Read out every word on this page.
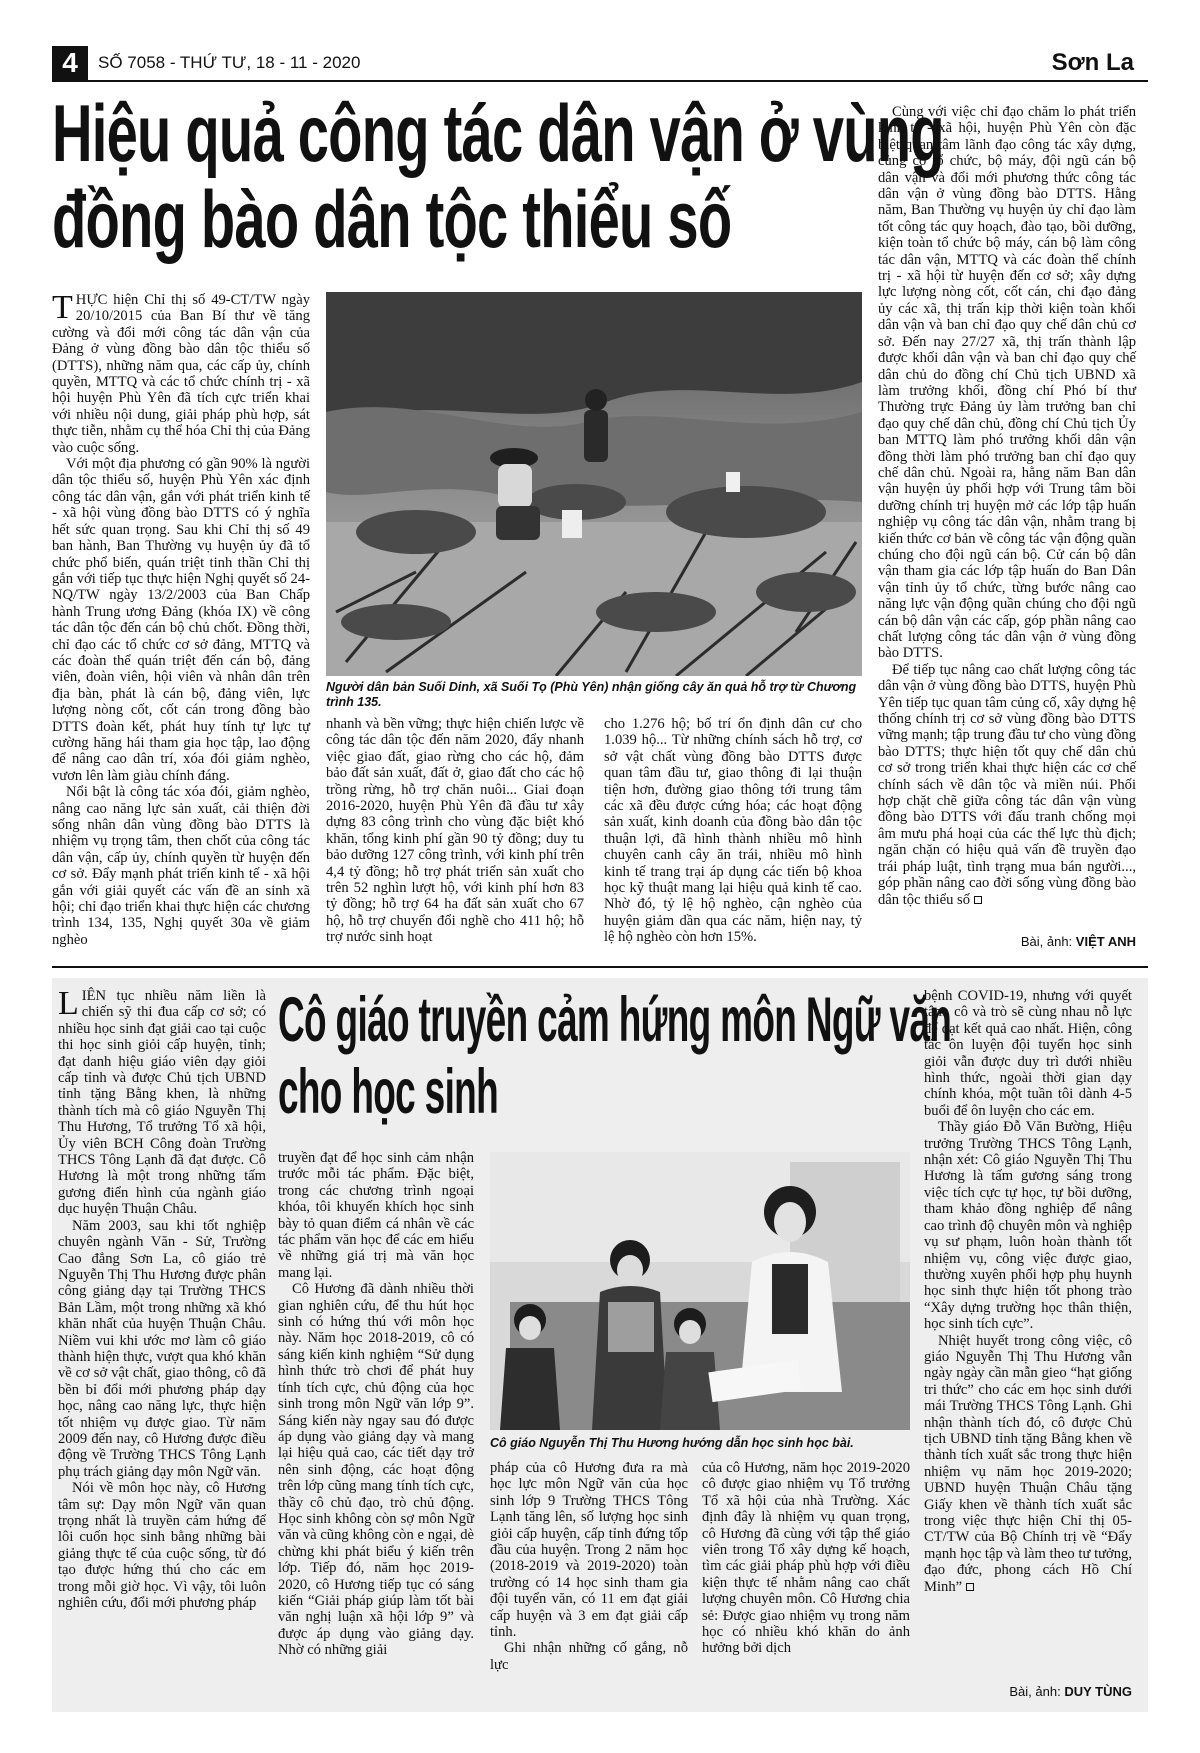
4	SỐ 7058 - THỨ TƯ, 18 - 11 - 2020	Sơn La
Hiệu quả công tác dân vận ở vùng
đồng bào dân tộc thiểu số

THỰC hiện Chỉ thị số 49-CT/TW ngày 20/10/2015 của Ban Bí thư về tăng cường và đổi mới công tác dân vận của Đảng ở vùng đồng bào dân tộc thiểu số (DTTS), những năm qua, các cấp ủy, chính quyền, MTTQ và các tổ chức chính trị - xã hội huyện Phù Yên đã tích cực triển khai với nhiều nội dung, giải pháp phù hợp, sát thực tiễn, nhằm cụ thể hóa Chỉ thị của Đảng vào cuộc sống.

Với một địa phương có gần 90% là người dân tộc thiểu số, huyện Phù Yên xác định công tác dân vận, gắn với phát triển kinh tế - xã hội vùng đồng bào DTTS có ý nghĩa hết sức quan trọng. Sau khi Chỉ thị số 49 ban hành, Ban Thường vụ huyện ủy đã tổ chức phổ biến, quán triệt tinh thần Chỉ thị gắn với tiếp tục thực hiện Nghị quyết số 24-NQ/TW ngày 13/2/2003 của Ban Chấp hành Trung ương Đảng (khóa IX) về công tác dân tộc đến cán bộ chủ chốt. Đồng thời, chỉ đạo các tổ chức cơ sở đảng, MTTQ và các đoàn thể quán triệt đến cán bộ, đảng viên, đoàn viên, hội viên và nhân dân trên địa bàn, phát là cán bộ, đảng viên, lực lượng nòng cốt, cốt cán trong đồng bào DTTS đoàn kết, phát huy tính tự lực tự cường hăng hái tham gia học tập, lao động để nâng cao dân trí, xóa đói giảm nghèo, vươn lên làm giàu chính đáng.

Nổi bật là công tác xóa đói, giảm nghèo, nâng cao năng lực sản xuất, cải thiện đời sống nhân dân vùng đồng bào DTTS là nhiệm vụ trọng tâm, then chốt của công tác dân vận, cấp ủy, chính quyền từ huyện đến cơ sở. Đẩy mạnh phát triển kinh tế - xã hội gắn với giải quyết các vấn đề an sinh xã hội; chỉ đạo triển khai thực hiện các chương trình 134, 135, Nghị quyết 30a về giảm nghèo

Người dân bản Suối Dinh, xã Suối Tọ (Phù Yên) nhận giống cây ăn quả hỗ trợ từ Chương trình 135.

nhanh và bền vững; thực hiện chiến lược về công tác dân tộc đến năm 2020, đẩy nhanh việc giao đất, giao rừng cho các hộ, đảm bảo đất sản xuất, đất ở, giao đất cho các hộ trồng rừng, hỗ trợ chăn nuôi... Giai đoạn 2016-2020, huyện Phù Yên đã đầu tư xây dựng 83 công trình cho vùng đặc biệt khó khăn, tổng kinh phí gần 90 tỷ đồng; duy tu bảo dưỡng 127 công trình, với kinh phí trên 4,4 tỷ đồng; hỗ trợ phát triển sản xuất cho trên 52 nghìn lượt hộ, với kinh phí hơn 83 tỷ đồng; hỗ trợ 64 ha đất sản xuất cho 67 hộ, hỗ trợ chuyển đổi nghề cho 411 hộ; hỗ trợ nước sinh hoạt

cho 1.276 hộ; bố trí ổn định dân cư cho 1.039 hộ... Từ những chính sách hỗ trợ, cơ sở vật chất vùng đồng bào DTTS được quan tâm đầu tư, giao thông đi lại thuận tiện hơn, đường giao thông tới trung tâm các xã đều được cứng hóa; các hoạt động sản xuất, kinh doanh của đồng bào dân tộc thuận lợi, đã hình thành nhiều mô hình chuyên canh cây ăn trái, nhiều mô hình kinh tế trang trại áp dụng các tiến bộ khoa học kỹ thuật mang lại hiệu quả kinh tế cao. Nhờ đó, tỷ lệ hộ nghèo, cận nghèo của huyện giảm dần qua các năm, hiện nay, tỷ lệ hộ nghèo còn hơn 15%.

Cùng với việc chỉ đạo chăm lo phát triển kinh tế - xã hội, huyện Phù Yên còn đặc biệt quan tâm lãnh đạo công tác xây dựng, củng cố tổ chức, bộ máy, đội ngũ cán bộ dân vận và đổi mới phương thức công tác dân vận ở vùng đồng bào DTTS. Hằng năm, Ban Thường vụ huyện ủy chỉ đạo làm tốt công tác quy hoạch, đào tạo, bồi dưỡng, kiện toàn tổ chức bộ máy, cán bộ làm công tác dân vận, MTTQ và các đoàn thể chính trị - xã hội từ huyện đến cơ sở; xây dựng lực lượng nòng cốt, cốt cán, chi đạo đảng ủy các xã, thị trấn kịp thời kiện toàn khối dân vận và ban chỉ đạo quy chế dân chủ cơ sở. Đến nay 27/27 xã, thị trấn thành lập được khối dân vận và ban chỉ đạo quy chế dân chủ do đồng chí Chủ tịch UBND xã làm trưởng khối, đồng chí Phó bí thư Thường trực Đảng ủy làm trưởng ban chỉ đạo quy chế dân chủ, đồng chí Chủ tịch Ủy ban MTTQ làm phó trưởng khối dân vận đồng thời làm phó trưởng ban chỉ đạo quy chế dân chủ. Ngoài ra, hằng năm Ban dân vận huyện ủy phối hợp với Trung tâm bồi dưỡng chính trị huyện mở các lớp tập huấn nghiệp vụ công tác dân vận, nhằm trang bị kiến thức cơ bản về công tác vận động quần chúng cho đội ngũ cán bộ. Cử cán bộ dân vận tham gia các lớp tập huấn do Ban Dân vận tỉnh ủy tổ chức, từng bước nâng cao năng lực vận động quần chúng cho đội ngũ cán bộ dân vận các cấp, góp phần nâng cao chất lượng công tác dân vận ở vùng đồng bào DTTS.

Để tiếp tục nâng cao chất lượng công tác dân vận ở vùng đồng bào DTTS, huyện Phù Yên tiếp tục quan tâm củng cố, xây dựng hệ thống chính trị cơ sở vùng đồng bào DTTS vững mạnh; tập trung đầu tư cho vùng đồng bào DTTS; thực hiện tốt quy chế dân chủ cơ sở trong triển khai thực hiện các cơ chế chính sách về dân tộc và miền núi. Phối hợp chặt chẽ giữa công tác dân vận vùng đồng bào DTTS với đấu tranh chống mọi âm mưu phá hoại của các thế lực thù địch; ngăn chặn có hiệu quả vấn đề truyền đạo trái pháp luật, tình trạng mua bán người..., góp phần nâng cao đời sống vùng đồng bào dân tộc thiểu số

Bài, ảnh: VIỆT ANH

LIÊN tục nhiều năm liền là chiến sỹ thi đua cấp cơ sở; có nhiều học sinh đạt giải cao tại cuộc thi học sinh giỏi cấp huyện, tỉnh; đạt danh hiệu giáo viên dạy giỏi cấp tỉnh và được Chủ tịch UBND tỉnh tặng Bằng khen, là những thành tích mà cô giáo Nguyễn Thị Thu Hương, Tổ trưởng Tổ xã hội, Ủy viên BCH Công đoàn Trường THCS Tông Lạnh đã đạt được. Cô Hương là một trong những tấm gương điển hình của ngành giáo dục huyện Thuận Châu.

Năm 2003, sau khi tốt nghiệp chuyên ngành Văn - Sử, Trường Cao đẳng Sơn La, cô giáo trẻ Nguyễn Thị Thu Hương được phân công giảng dạy tại Trường THCS Bản Lầm, một trong những xã khó khăn nhất của huyện Thuận Châu. Niềm vui khi ước mơ làm cô giáo thành hiện thực, vượt qua khó khăn về cơ sở vật chất, giao thông, cô đã bền bỉ đổi mới phương pháp dạy học, nâng cao năng lực, thực hiện tốt nhiệm vụ được giao. Từ năm 2009 đến nay, cô Hương được điều động về Trường THCS Tông Lạnh phụ trách giảng dạy môn Ngữ văn.

Nói về môn học này, cô Hương tâm sự: Dạy môn Ngữ văn quan trọng nhất là truyền cảm hứng để lôi cuốn học sinh bằng những bài giảng thực tế của cuộc sống, từ đó tạo được hứng thú cho các em trong mỗi giờ học. Vì vậy, tôi luôn nghiên cứu, đổi mới phương pháp

Cô giáo truyền cảm hứng môn Ngữ văn
cho học sinh

truyền đạt để học sinh cảm nhận trước mỗi tác phẩm. Đặc biệt, trong các chương trình ngoại khóa, tôi khuyến khích học sinh bày tỏ quan điểm cá nhân về các tác phẩm văn học để các em hiểu về những giá trị mà văn học mang lại.

Cô Hương đã dành nhiều thời gian nghiên cứu, để thu hút học sinh có hứng thú với môn học này. Năm học 2018-2019, cô có sáng kiến kinh nghiệm “Sử dụng hình thức trò chơi để phát huy tính tích cực, chủ động của học sinh trong môn Ngữ văn lớp 9”. Sáng kiến này ngay sau đó được áp dụng vào giảng dạy và mang lại hiệu quả cao, các tiết dạy trở nên sinh động, các hoạt động trên lớp cũng mang tính tích cực, thầy cô chủ đạo, trò chủ động. Học sinh không còn sợ môn Ngữ văn và cũng không còn e ngại, dè chừng khi phát biểu ý kiến trên lớp. Tiếp đó, năm học 2019-2020, cô Hương tiếp tục có sáng kiến “Giải pháp giúp làm tốt bài văn nghị luận xã hội lớp 9” và được áp dụng vào giảng dạy. Nhờ có những giải

Cô giáo Nguyễn Thị Thu Hương hướng dẫn học sinh học bài.

pháp của cô Hương đưa ra mà học lực môn Ngữ văn của học sinh lớp 9 Trường THCS Tông Lạnh tăng lên, số lượng học sinh giỏi cấp huyện, cấp tỉnh đứng tốp đầu của huyện. Trong 2 năm học (2018-2019 và 2019-2020) toàn trường có 14 học sinh tham gia đội tuyển văn, có 11 em đạt giải cấp huyện và 3 em đạt giải cấp tỉnh.

Ghi nhận những cố gắng, nỗ lực

của cô Hương, năm học 2019-2020 cô được giao nhiệm vụ Tổ trưởng Tổ xã hội của nhà Trường. Xác định đây là nhiệm vụ quan trọng, cô Hương đã cùng với tập thể giáo viên trong Tổ xây dựng kế hoạch, tìm các giải pháp phù hợp với điều kiện thực tế nhằm nâng cao chất lượng chuyên môn. Cô Hương chia sẻ: Được giao nhiệm vụ trong năm học có nhiều khó khăn do ảnh hưởng bởi dịch

bệnh COVID-19, nhưng với quyết tâm, cô và trò sẽ cùng nhau nỗ lực để đạt kết quả cao nhất. Hiện, công tác ôn luyện đội tuyển học sinh giỏi vẫn được duy trì dưới nhiều hình thức, ngoài thời gian dạy chính khóa, một tuần tôi dành 4-5 buổi để ôn luyện cho các em.

Thầy giáo Đỗ Văn Bường, Hiệu trưởng Trường THCS Tông Lạnh, nhận xét: Cô giáo Nguyễn Thị Thu Hương là tấm gương sáng trong việc tích cực tự học, tự bồi dưỡng, tham khảo đồng nghiệp để nâng cao trình độ chuyên môn và nghiệp vụ sư phạm, luôn hoàn thành tốt nhiệm vụ, công việc được giao, thường xuyên phối hợp phụ huynh học sinh thực hiện tốt phong trào “Xây dựng trường học thân thiện, học sinh tích cực”.

Nhiệt huyết trong công việc, cô giáo Nguyễn Thị Thu Hương vẫn ngày ngày cần mẫn gieo “hạt giống tri thức” cho các em học sinh dưới mái Trường THCS Tông Lạnh. Ghi nhận thành tích đó, cô được Chủ tịch UBND tỉnh tặng Bằng khen về thành tích xuất sắc trong thực hiện nhiệm vụ năm học 2019-2020; UBND huyện Thuận Châu tặng Giấy khen về thành tích xuất sắc trong việc thực hiện Chỉ thị 05-CT/TW của Bộ Chính trị về “Đẩy mạnh học tập và làm theo tư tưởng, đạo đức, phong cách Hồ Chí Minh”

Bài, ảnh: DUY TÙNG
